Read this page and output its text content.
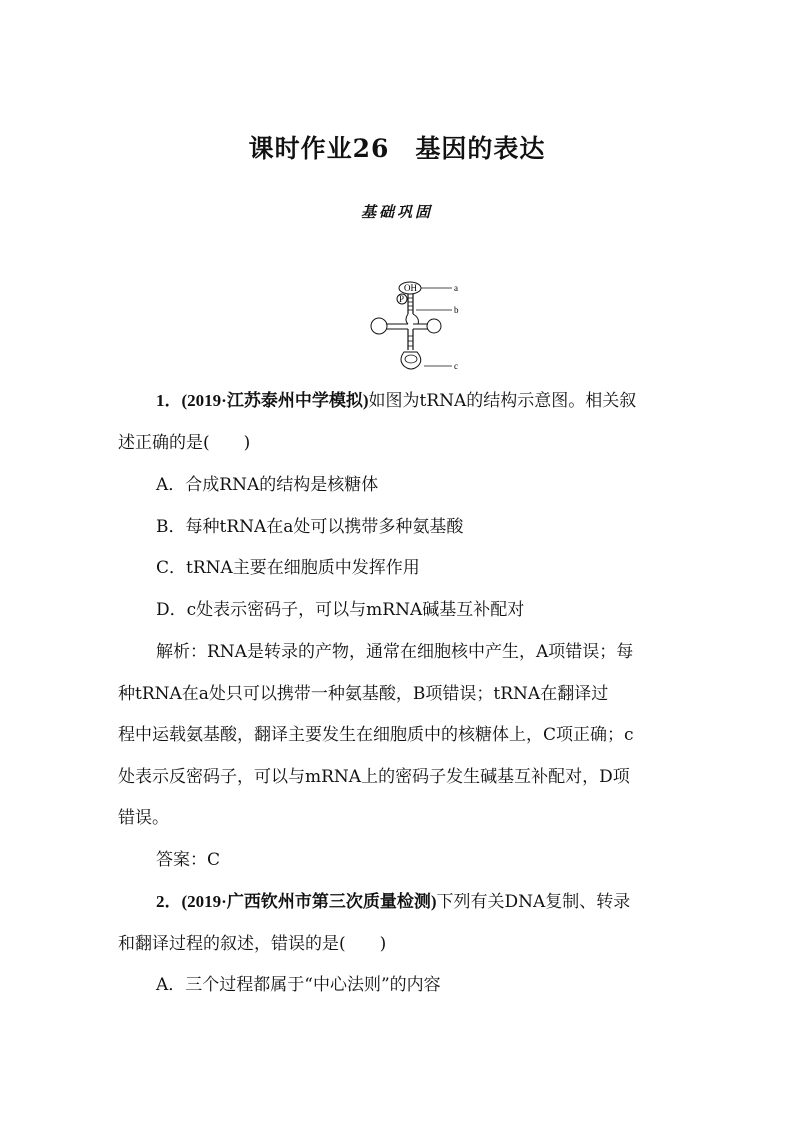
课时作业26　基因的表达
基础巩固
OH
P
a
b
c
1．(2019·江苏泰州中学模拟)如图为tRNA的结构示意图。相关叙
述正确的是(　　)
A．合成RNA的结构是核糖体
B．每种tRNA在a处可以携带多种氨基酸
C．tRNA主要在细胞质中发挥作用
D．c处表示密码子，可以与mRNA碱基互补配对
解析：RNA是转录的产物，通常在细胞核中产生，A项错误；每
种tRNA在a处只可以携带一种氨基酸，B项错误；tRNA在翻译过
程中运载氨基酸，翻译主要发生在细胞质中的核糖体上，C项正确；c
处表示反密码子，可以与mRNA上的密码子发生碱基互补配对，D项
错误。
答案：C
2．(2019·广西钦州市第三次质量检测)下列有关DNA复制、转录
和翻译过程的叙述，错误的是(　　)
A．三个过程都属于“中心法则”的内容
